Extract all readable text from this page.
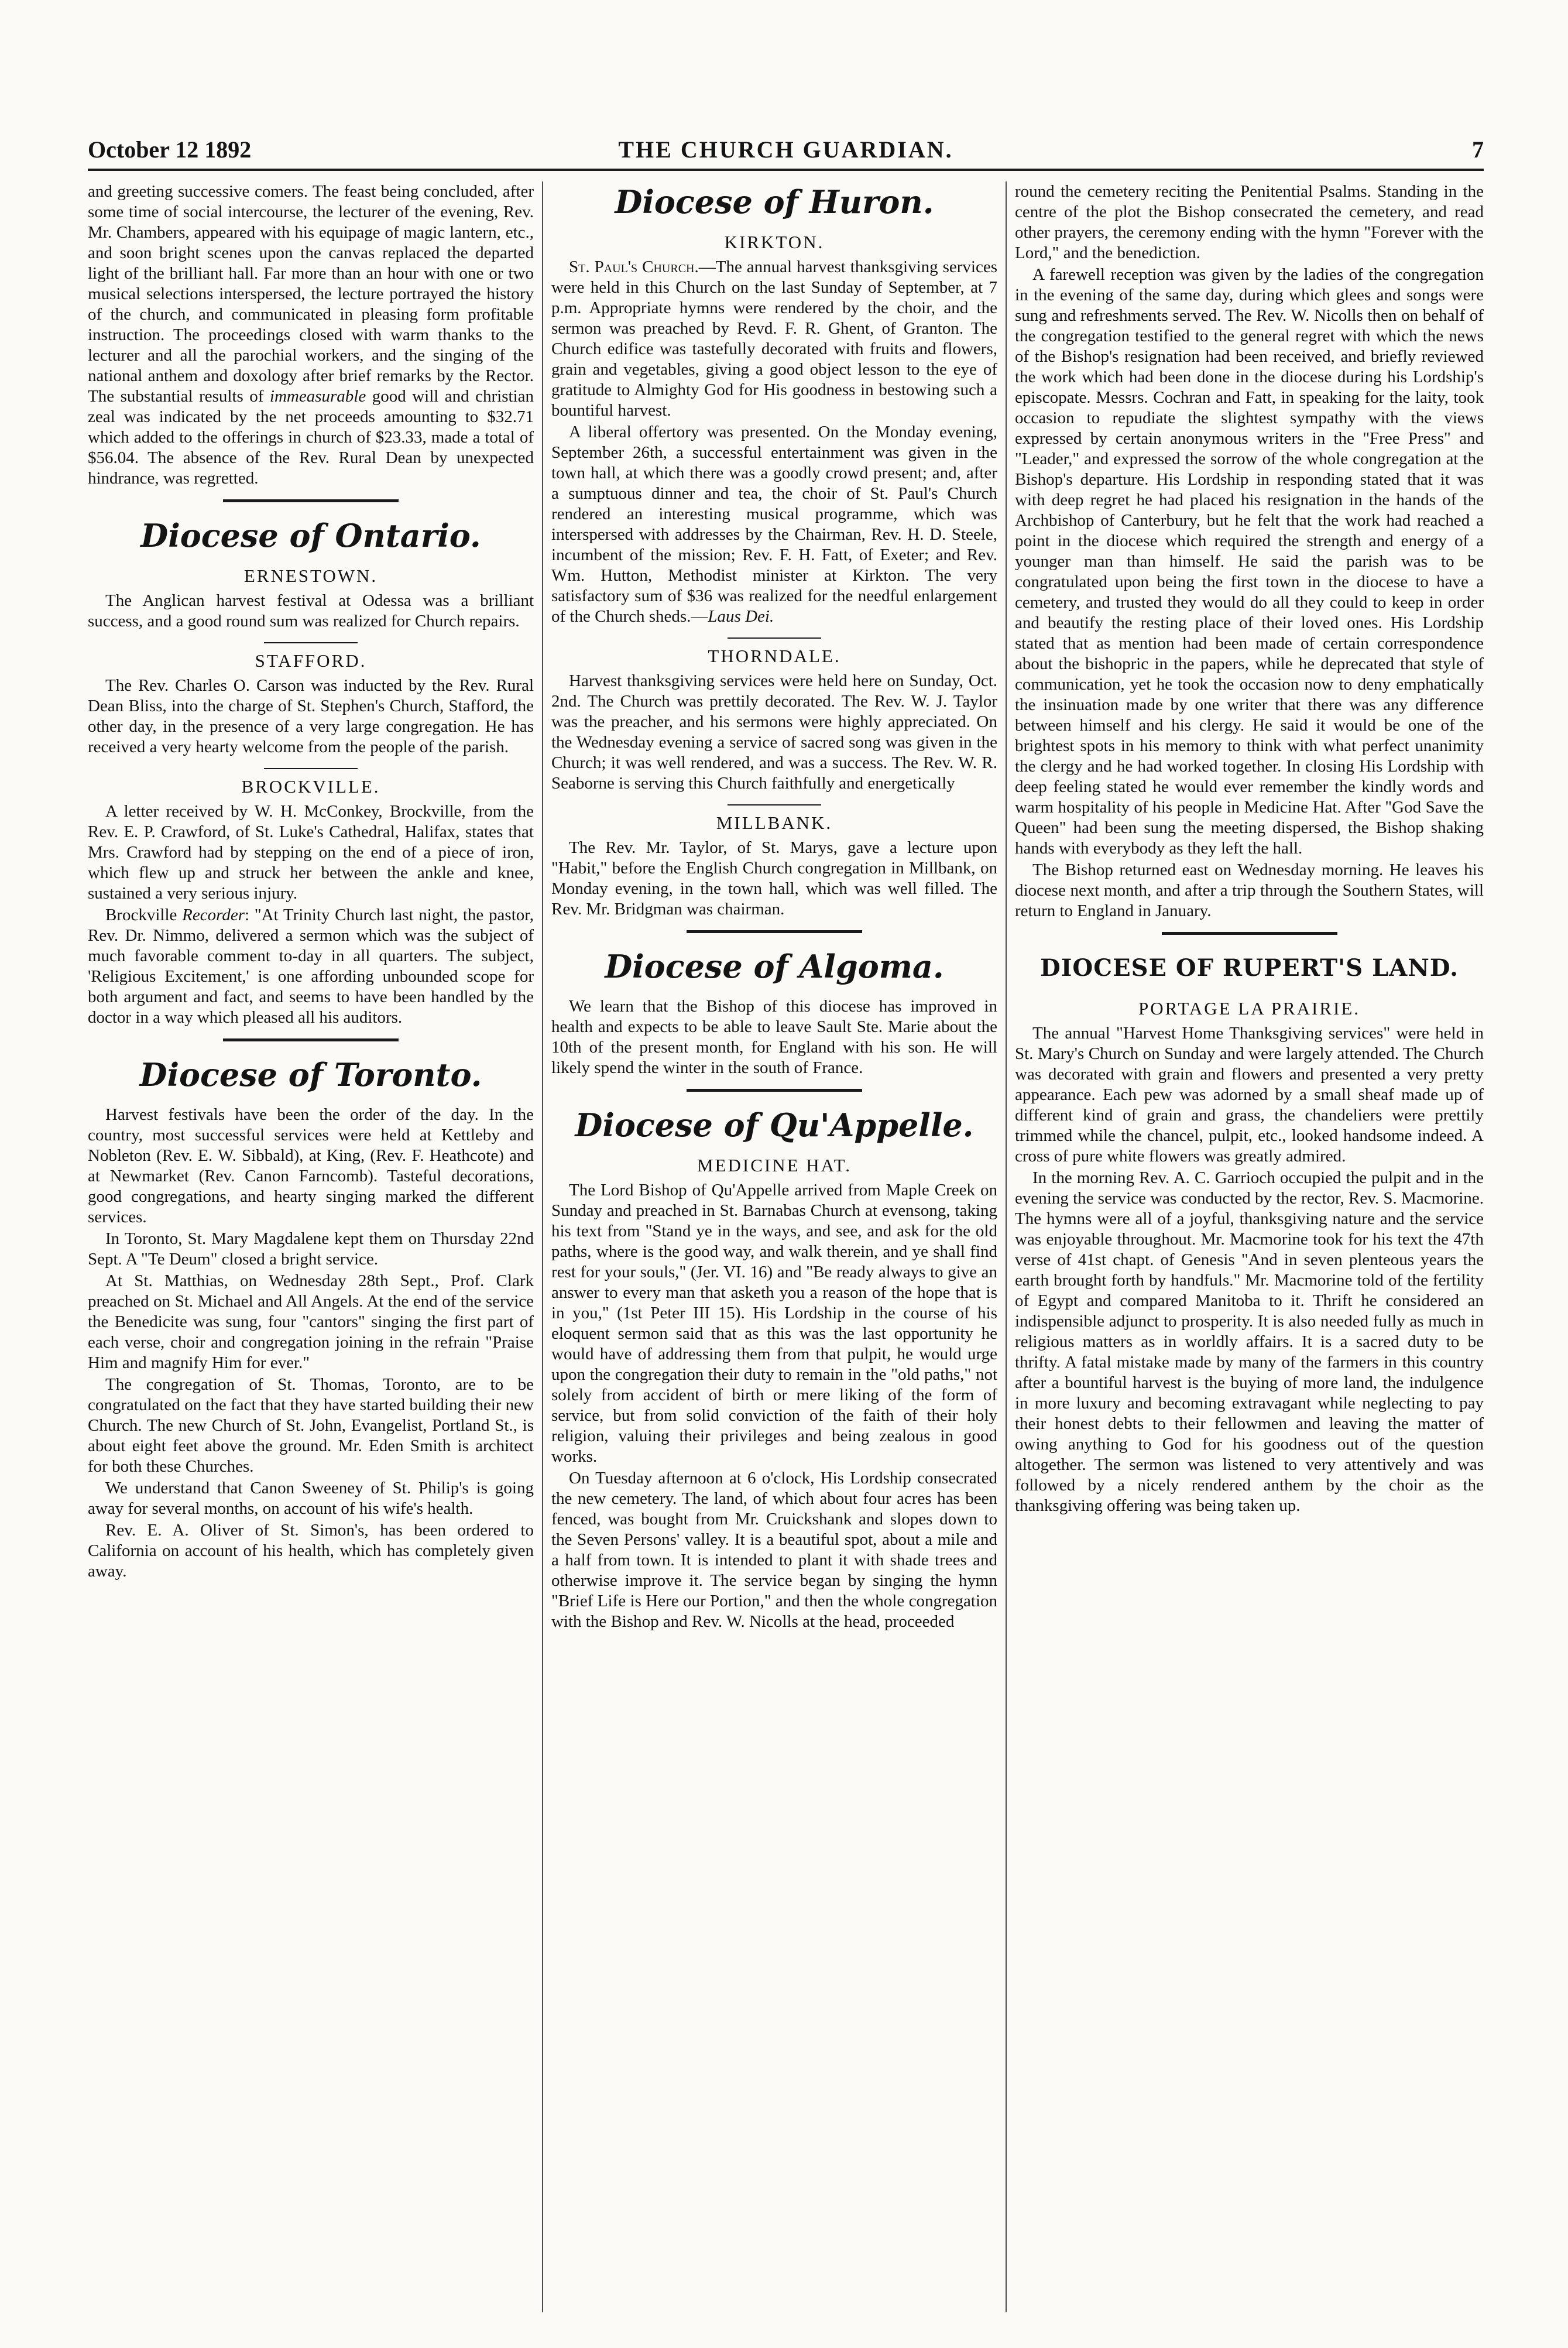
October 12 1892	THE CHURCH GUARDIAN.	7

and greeting successive comers. The feast being concluded, after some time of social intercourse, the lecturer of the evening, Rev. Mr. Chambers, appeared with his equipage of magic lantern, etc., and soon bright scenes upon the canvas replaced the departed light of the brilliant hall. Far more than an hour with one or two musical selections interspersed, the lecture portrayed the history of the church, and communicated in pleasing form profitable instruction. The proceedings closed with warm thanks to the lecturer and all the parochial workers, and the singing of the national anthem and doxology after brief remarks by the Rector. The substantial results of immeasurable good will and christian zeal was indicated by the net proceeds amounting to $32.71 which added to the offerings in church of $23.33, made a total of $56.04. The absence of the Rev. Rural Dean by unexpected hindrance, was regretted.

Diocese of Ontario.
ERNESTOWN.

The Anglican harvest festival at Odessa was a brilliant success, and a good round sum was realized for Church repairs.

STAFFORD.

The Rev. Charles O. Carson was inducted by the Rev. Rural Dean Bliss, into the charge of St. Stephen's Church, Stafford, the other day, in the presence of a very large congregation. He has received a very hearty welcome from the people of the parish.

BROCKVILLE.

A letter received by W. H. McConkey, Brockville, from the Rev. E. P. Crawford, of St. Luke's Cathedral, Halifax, states that Mrs. Crawford had by stepping on the end of a piece of iron, which flew up and struck her between the ankle and knee, sustained a very serious injury.

Brockville Recorder: "At Trinity Church last night, the pastor, Rev. Dr. Nimmo, delivered a sermon which was the subject of much favorable comment to-day in all quarters. The subject, 'Religious Excitement,' is one affording unbounded scope for both argument and fact, and seems to have been handled by the doctor in a way which pleased all his auditors.

Diocese of Toronto.

Harvest festivals have been the order of the day. In the country, most successful services were held at Kettleby and Nobleton (Rev. E. W. Sibbald), at King, (Rev. F. Heathcote) and at Newmarket (Rev. Canon Farncomb). Tasteful decorations, good congregations, and hearty singing marked the different services.

In Toronto, St. Mary Magdalene kept them on Thursday 22nd Sept. A "Te Deum" closed a bright service.

At St. Matthias, on Wednesday 28th Sept., Prof. Clark preached on St. Michael and All Angels. At the end of the service the Benedicite was sung, four "cantors" singing the first part of each verse, choir and congregation joining in the refrain "Praise Him and magnify Him for ever."

The congregation of St. Thomas, Toronto, are to be congratulated on the fact that they have started building their new Church. The new Church of St. John, Evangelist, Portland St., is about eight feet above the ground. Mr. Eden Smith is architect for both these Churches.

We understand that Canon Sweeney of St. Philip's is going away for several months, on account of his wife's health.

Rev. E. A. Oliver of St. Simon's, has been ordered to California on account of his health, which has completely given away.

Diocese of Huron.
KIRKTON.

St. Paul's Church.—The annual harvest thanksgiving services were held in this Church on the last Sunday of September, at 7 p.m. Appropriate hymns were rendered by the choir, and the sermon was preached by Revd. F. R. Ghent, of Granton. The Church edifice was tastefully decorated with fruits and flowers, grain and vegetables, giving a good object lesson to the eye of gratitude to Almighty God for His goodness in bestowing such a bountiful harvest.

A liberal offertory was presented. On the Monday evening, September 26th, a successful entertainment was given in the town hall, at which there was a goodly crowd present; and, after a sumptuous dinner and tea, the choir of St. Paul's Church rendered an interesting musical programme, which was interspersed with addresses by the Chairman, Rev. H. D. Steele, incumbent of the mission; Rev. F. H. Fatt, of Exeter; and Rev. Wm. Hutton, Methodist minister at Kirkton. The very satisfactory sum of $36 was realized for the needful enlargement of the Church sheds.—Laus Dei.

THORNDALE.

Harvest thanksgiving services were held here on Sunday, Oct. 2nd. The Church was prettily decorated. The Rev. W. J. Taylor was the preacher, and his sermons were highly appreciated. On the Wednesday evening a service of sacred song was given in the Church; it was well rendered, and was a success. The Rev. W. R. Seaborne is serving this Church faithfully and energetically

MILLBANK.

The Rev. Mr. Taylor, of St. Marys, gave a lecture upon "Habit," before the English Church congregation in Millbank, on Monday evening, in the town hall, which was well filled. The Rev. Mr. Bridgman was chairman.

Diocese of Algoma.

We learn that the Bishop of this diocese has improved in health and expects to be able to leave Sault Ste. Marie about the 10th of the present month, for England with his son. He will likely spend the winter in the south of France.

Diocese of Qu'Appelle.
MEDICINE HAT.

The Lord Bishop of Qu'Appelle arrived from Maple Creek on Sunday and preached in St. Barnabas Church at evensong, taking his text from "Stand ye in the ways, and see, and ask for the old paths, where is the good way, and walk therein, and ye shall find rest for your souls," (Jer. VI. 16) and "Be ready always to give an answer to every man that asketh you a reason of the hope that is in you," (1st Peter III 15). His Lordship in the course of his eloquent sermon said that as this was the last opportunity he would have of addressing them from that pulpit, he would urge upon the congregation their duty to remain in the "old paths," not solely from accident of birth or mere liking of the form of service, but from solid conviction of the faith of their holy religion, valuing their privileges and being zealous in good works.

On Tuesday afternoon at 6 o'clock, His Lordship consecrated the new cemetery. The land, of which about four acres has been fenced, was bought from Mr. Cruickshank and slopes down to the Seven Persons' valley. It is a beautiful spot, about a mile and a half from town. It is intended to plant it with shade trees and otherwise improve it. The service began by singing the hymn "Brief Life is Here our Portion," and then the whole congregation with the Bishop and Rev. W. Nicolls at the head, proceeded

round the cemetery reciting the Penitential Psalms. Standing in the centre of the plot the Bishop consecrated the cemetery, and read other prayers, the ceremony ending with the hymn "Forever with the Lord," and the benediction.

A farewell reception was given by the ladies of the congregation in the evening of the same day, during which glees and songs were sung and refreshments served. The Rev. W. Nicolls then on behalf of the congregation testified to the general regret with which the news of the Bishop's resignation had been received, and briefly reviewed the work which had been done in the diocese during his Lordship's episcopate. Messrs. Cochran and Fatt, in speaking for the laity, took occasion to repudiate the slightest sympathy with the views expressed by certain anonymous writers in the "Free Press" and "Leader," and expressed the sorrow of the whole congregation at the Bishop's departure. His Lordship in responding stated that it was with deep regret he had placed his resignation in the hands of the Archbishop of Canterbury, but he felt that the work had reached a point in the diocese which required the strength and energy of a younger man than himself. He said the parish was to be congratulated upon being the first town in the diocese to have a cemetery, and trusted they would do all they could to keep in order and beautify the resting place of their loved ones. His Lordship stated that as mention had been made of certain correspondence about the bishopric in the papers, while he deprecated that style of communication, yet he took the occasion now to deny emphatically the insinuation made by one writer that there was any difference between himself and his clergy. He said it would be one of the brightest spots in his memory to think with what perfect unanimity the clergy and he had worked together. In closing His Lordship with deep feeling stated he would ever remember the kindly words and warm hospitality of his people in Medicine Hat. After "God Save the Queen" had been sung the meeting dispersed, the Bishop shaking hands with everybody as they left the hall.

The Bishop returned east on Wednesday morning. He leaves his diocese next month, and after a trip through the Southern States, will return to England in January.

DIOCESE OF RUPERT'S LAND.
PORTAGE LA PRAIRIE.

The annual "Harvest Home Thanksgiving services" were held in St. Mary's Church on Sunday and were largely attended. The Church was decorated with grain and flowers and presented a very pretty appearance. Each pew was adorned by a small sheaf made up of different kind of grain and grass, the chandeliers were prettily trimmed while the chancel, pulpit, etc., looked handsome indeed. A cross of pure white flowers was greatly admired.

In the morning Rev. A. C. Garrioch occupied the pulpit and in the evening the service was conducted by the rector, Rev. S. Macmorine. The hymns were all of a joyful, thanksgiving nature and the service was enjoyable throughout. Mr. Macmorine took for his text the 47th verse of 41st chapt. of Genesis "And in seven plenteous years the earth brought forth by handfuls." Mr. Macmorine told of the fertility of Egypt and compared Manitoba to it. Thrift he considered an indispensible adjunct to prosperity. It is also needed fully as much in religious matters as in worldly affairs. It is a sacred duty to be thrifty. A fatal mistake made by many of the farmers in this country after a bountiful harvest is the buying of more land, the indulgence in more luxury and becoming extravagant while neglecting to pay their honest debts to their fellowmen and leaving the matter of owing anything to God for his goodness out of the question altogether. The sermon was listened to very attentively and was followed by a nicely rendered anthem by the choir as the thanksgiving offering was being taken up.
